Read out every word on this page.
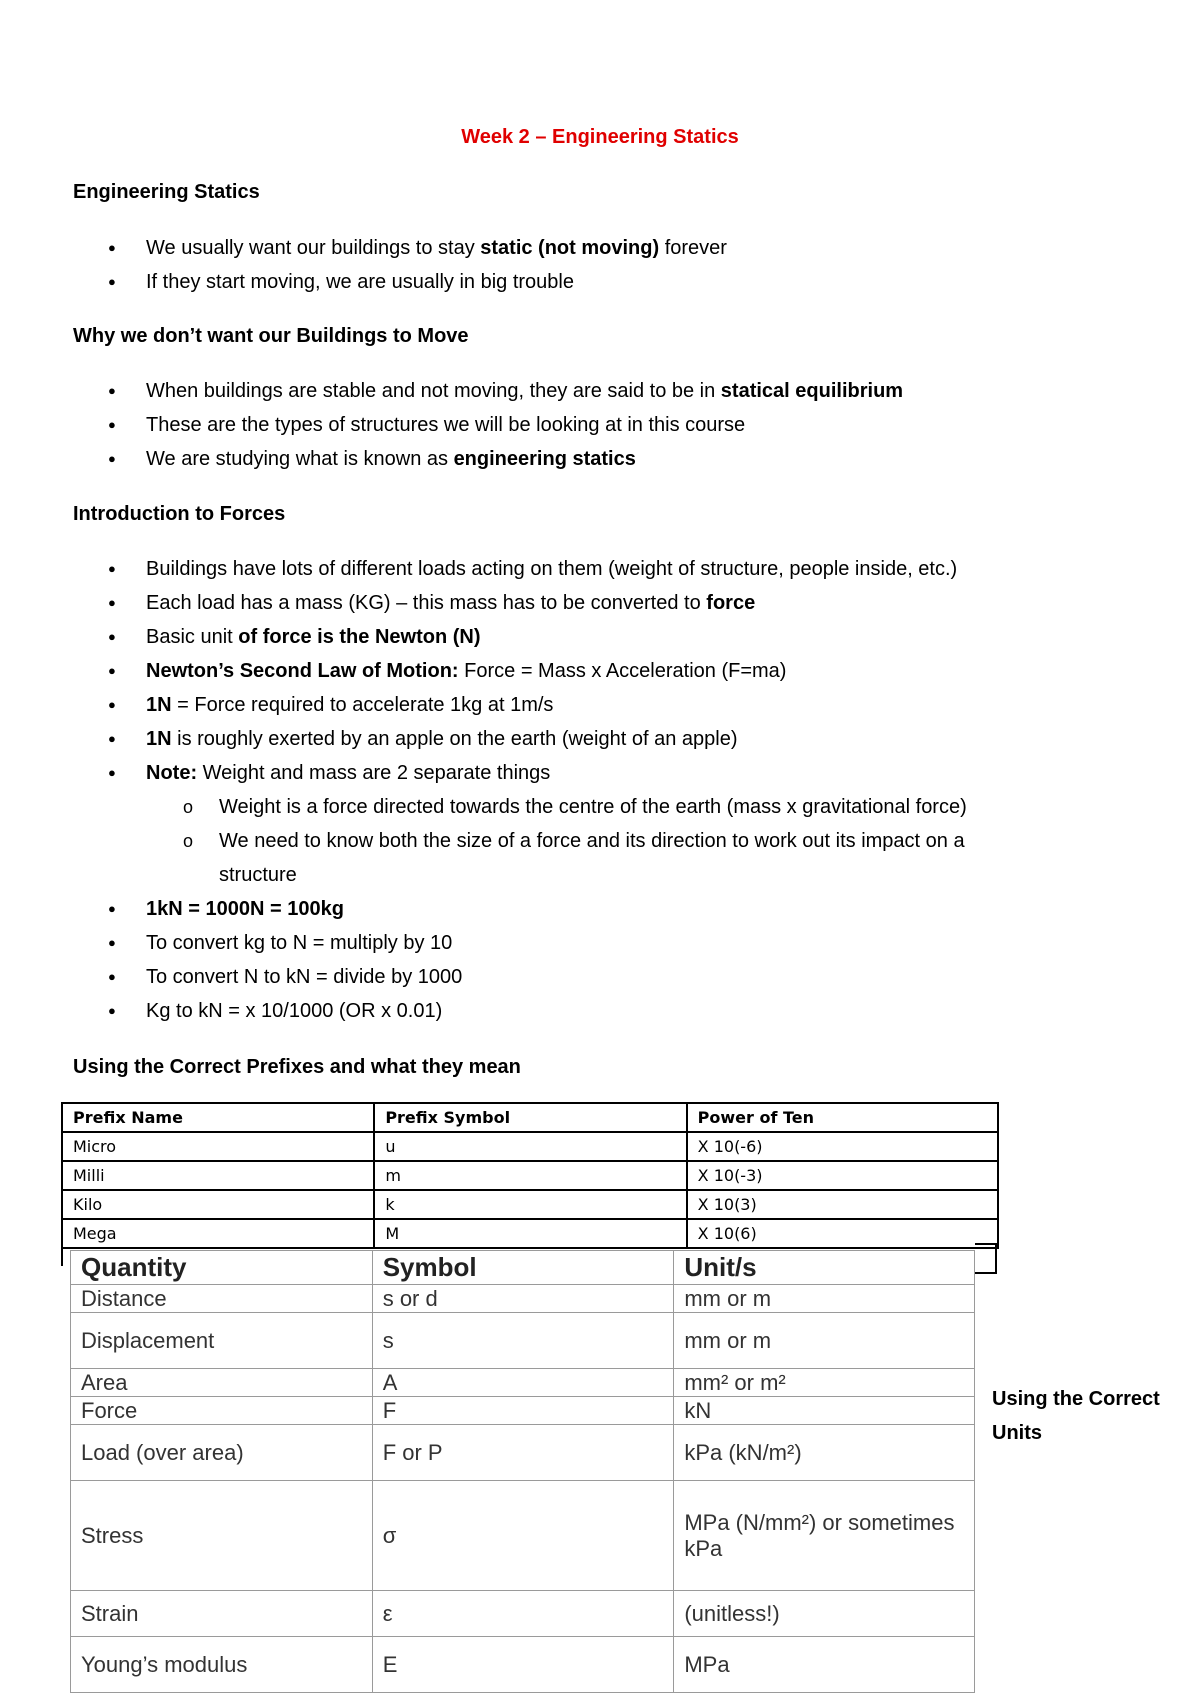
Week 2 – Engineering Statics
Engineering Statics
● We usually want our buildings to stay static (not moving) forever
● If they start moving, we are usually in big trouble
Why we don’t want our Buildings to Move
● When buildings are stable and not moving, they are said to be in statical equilibrium
● These are the types of structures we will be looking at in this course
● We are studying what is known as engineering statics
Introduction to Forces
● Buildings have lots of different loads acting on them (weight of structure, people inside, etc.)
● Each load has a mass (KG) – this mass has to be converted to force
● Basic unit of force is the Newton (N)
● Newton’s Second Law of Motion: Force = Mass x Acceleration (F=ma)
● 1N = Force required to accelerate 1kg at 1m/s
● 1N is roughly exerted by an apple on the earth (weight of an apple)
● Note: Weight and mass are 2 separate things
o Weight is a force directed towards the centre of the earth (mass x gravitational force)
o We need to know both the size of a force and its direction to work out its impact on a
structure
● 1kN = 1000N = 100kg
● To convert kg to N = multiply by 10
● To convert N to kN = divide by 1000
● Kg to kN = x 10/1000 (OR x 0.01)
Using the Correct Prefixes and what they mean
Prefix Name	Prefix Symbol	Power of Ten
Micro	u	X 10(-6)
Milli	m	X 10(-3)
Kilo	k	X 10(3)
Mega	M	X 10(6)
Quantity	Symbol	Unit/s
Distance	s or d	mm or m
Displacement	s	mm or m
Area	A	mm² or m²
Force	F	kN
Load (over area)	F or P	kPa (kN/m²)
Stress	σ	MPa (N/mm²) or sometimes kPa
Strain	ε	(unitless!)
Young’s modulus	E	MPa
Using the Correct Units
